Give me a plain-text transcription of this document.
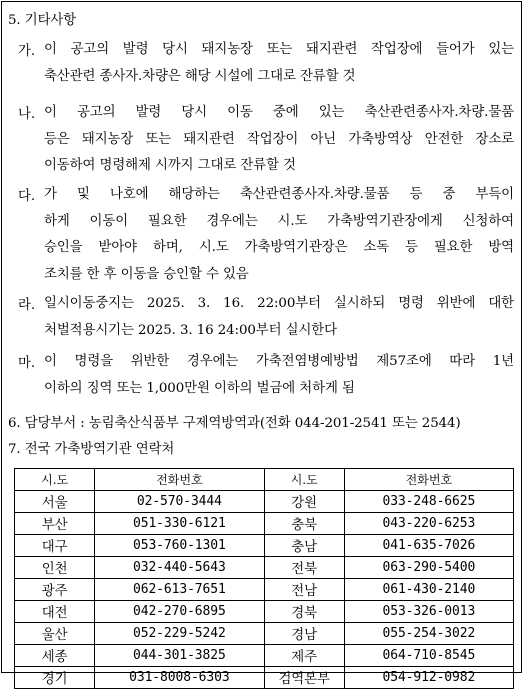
5. 기타사항
가. 이 공고의 발령 당시 돼지농장 또는 돼지관련 작업장에 들어가 있는
축산관련 종사자.차량은 해당 시설에 그대로 잔류할 것
나. 이 공고의 발령 당시 이동 중에 있는 축산관련종사자.차량.물품
등은 돼지농장 또는 돼지관련 작업장이 아닌 가축방역상 안전한 장소로
이동하여 명령해제 시까지 그대로 잔류할 것
다. 가 및 나호에 해당하는 축산관련종사자.차량.물품 등 중 부득이
하게 이동이 필요한 경우에는 시.도 가축방역기관장에게 신청하여
승인을 받아야 하며, 시.도 가축방역기관장은 소독 등 필요한 방역
조치를 한 후 이동을 승인할 수 있음
라. 일시이동중지는 2025. 3. 16. 22:00부터 실시하되 명령 위반에 대한
처벌적용시기는 2025. 3. 16 24:00부터 실시한다
마. 이 명령을 위반한 경우에는 가축전염병예방법 제57조에 따라 1년
이하의 징역 또는 1,000만원 이하의 벌금에 처하게 됨
6. 담당부서 : 농림축산식품부 구제역방역과(전화 044-201-2541 또는 2544)
7. 전국 가축방역기관 연락처
시.도	전화번호	시.도	전화번호
서울	02-570-3444	강원	033-248-6625
부산	051-330-6121	충북	043-220-6253
대구	053-760-1301	충남	041-635-7026
인천	032-440-5643	전북	063-290-5400
광주	062-613-7651	전남	061-430-2140
대전	042-270-6895	경북	053-326-0013
울산	052-229-5242	경남	055-254-3022
세종	044-301-3825	제주	064-710-8545
경기	031-8008-6303	검역본부	054-912-0982
